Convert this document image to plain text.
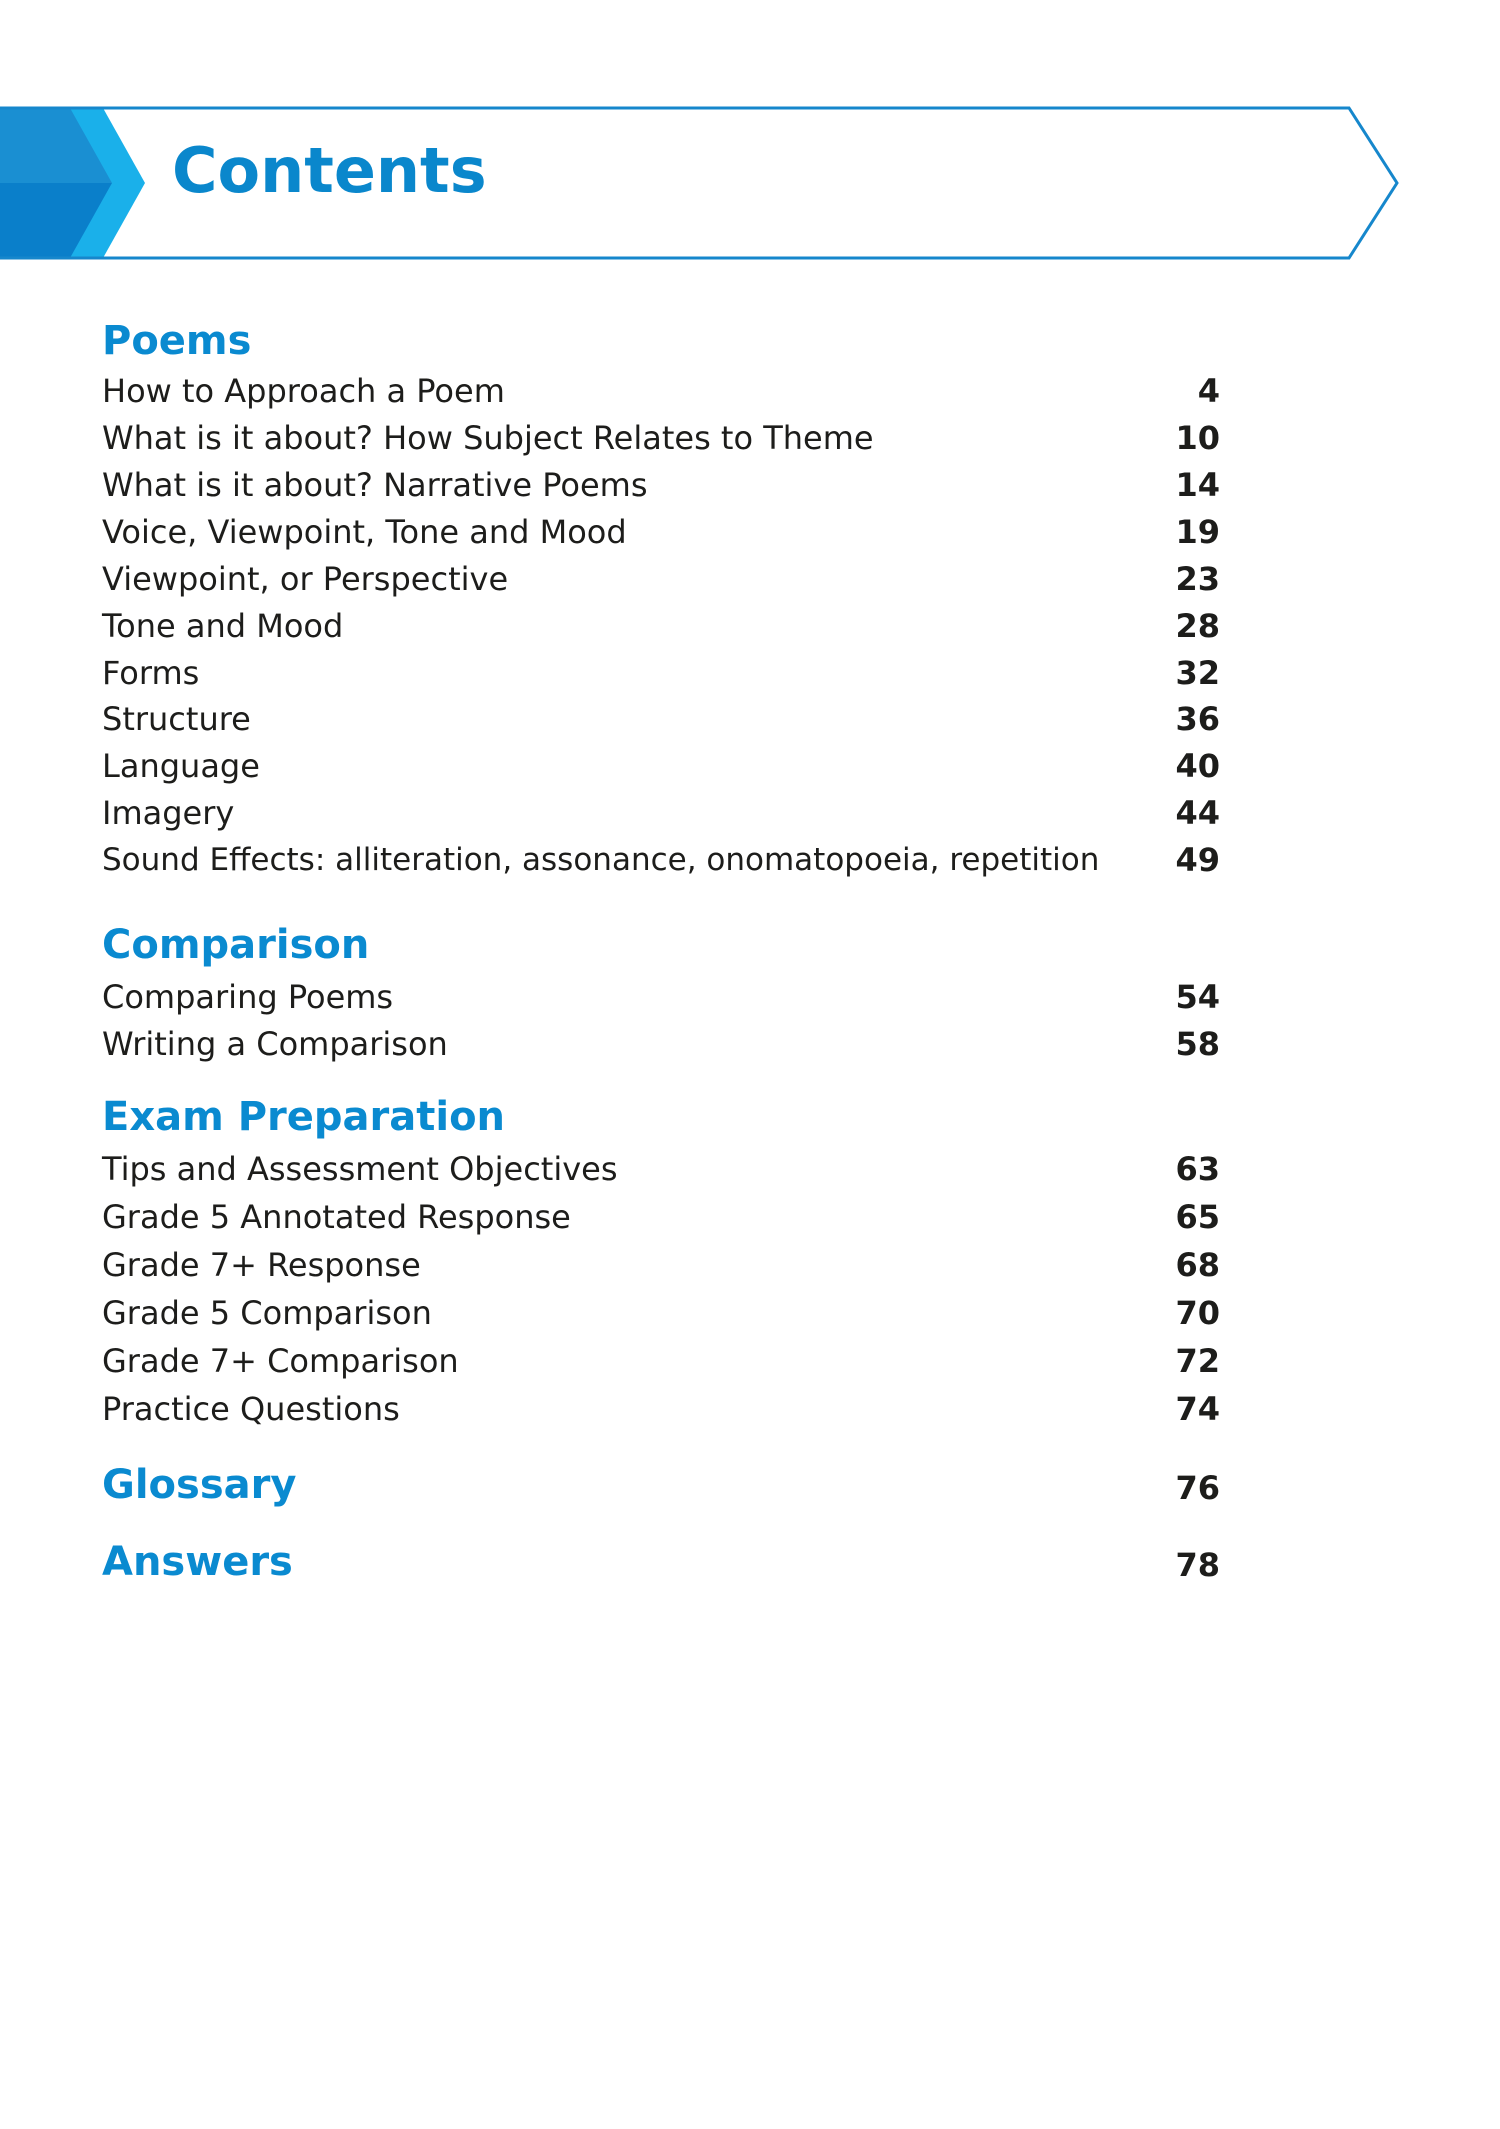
Contents
Poems
How to Approach a Poem	4
What is it about? How Subject Relates to Theme	10
What is it about? Narrative Poems	14
Voice, Viewpoint, Tone and Mood	19
Viewpoint, or Perspective	23
Tone and Mood	28
Forms	32
Structure	36
Language	40
Imagery	44
Sound Effects: alliteration, assonance, onomatopoeia, repetition 49
Comparison
Comparing Poems	54
Writing a Comparison	58
Exam Preparation
Tips and Assessment Objectives	63
Grade 5 Annotated Response	65
Grade 7+ Response	68
Grade 5 Comparison	70
Grade 7+ Comparison	72
Practice Questions	74
Glossary	76
Answers	78
